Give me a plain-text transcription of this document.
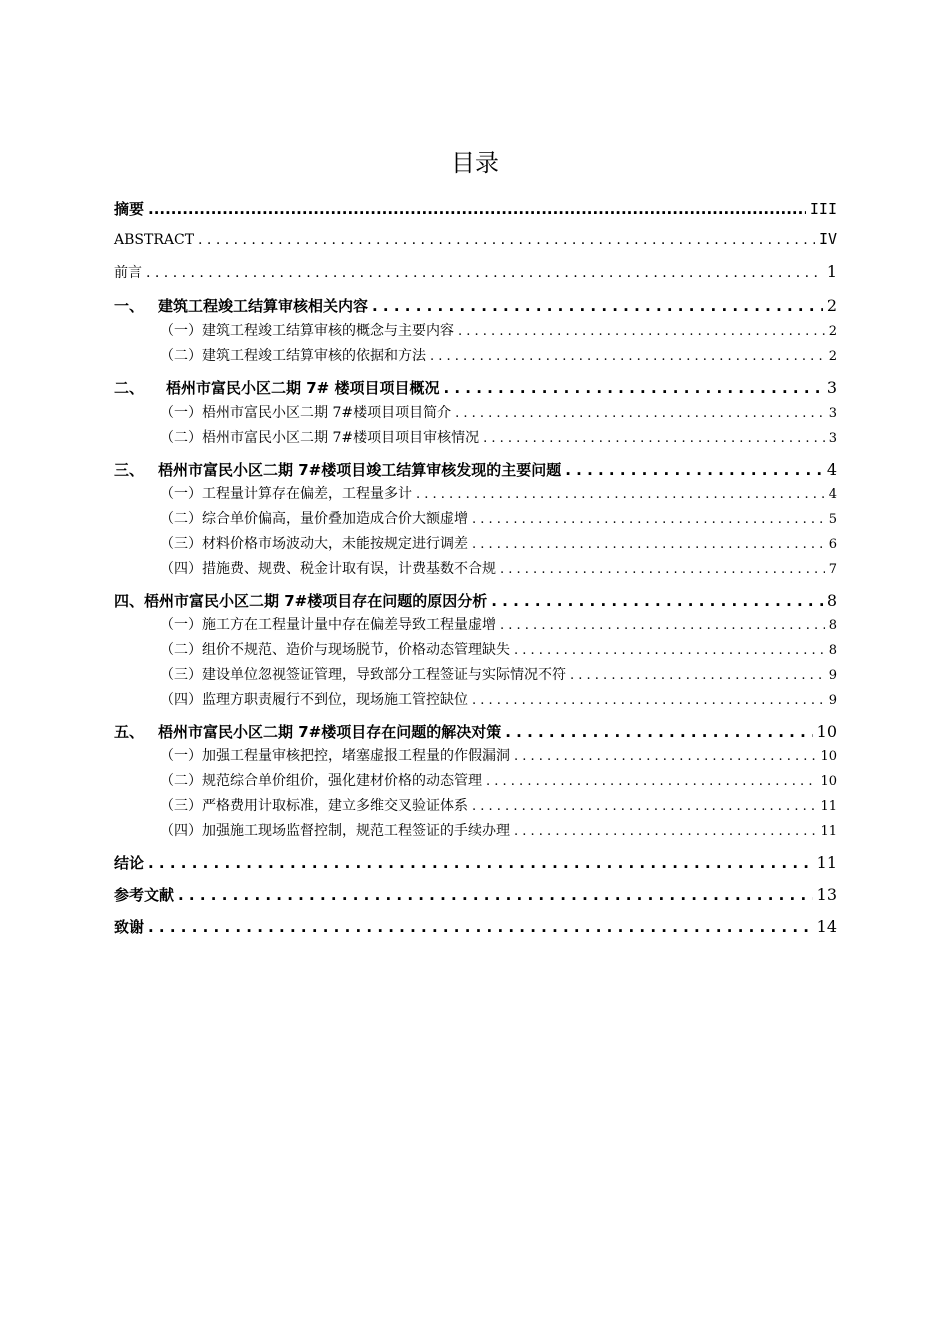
目录
摘要 .....	III
ABSTRACT . . .	IV
前言 . . .	1
一、 建筑工程竣工结算审核相关内容 . . .	2
（一）建筑工程竣工结算审核的概念与主要内容 . . .	2
（二）建筑工程竣工结算审核的依据和方法 . . .	2
二、	梧州市富民小区二期 7# 楼项目项目概况 . . .	3
（一）梧州市富民小区二期 7#楼项目项目简介 . . .	3
（二）梧州市富民小区二期 7#楼项目项目审核情况 . . .	3
三、 梧州市富民小区二期 7#楼项目竣工结算审核发现的主要问题 . . .	4
（一）工程量计算存在偏差，工程量多计 . . .	4
（二）综合单价偏高，量价叠加造成合价大额虚增 . . .	5
（三）材料价格市场波动大，未能按规定进行调差 . . .	6
（四）措施费、规费、税金计取有误，计费基数不合规 . . .	7
四、梧州市富民小区二期 7#楼项目存在问题的原因分析 . . .	8
（一）施工方在工程量计量中存在偏差导致工程量虚增 . . .	8
（二）组价不规范、造价与现场脱节，价格动态管理缺失 . . .	8
（三）建设单位忽视签证管理，导致部分工程签证与实际情况不符 . . .	9
（四）监理方职责履行不到位，现场施工管控缺位 . . .	9
五、 梧州市富民小区二期 7#楼项目存在问题的解决对策 . . .	10
（一）加强工程量审核把控，堵塞虚报工程量的作假漏洞 . . .	10
（二）规范综合单价组价，强化建材价格的动态管理 . . .	10
（三）严格费用计取标准，建立多维交叉验证体系 . . .	11
（四）加强施工现场监督控制，规范工程签证的手续办理 . . .	11
结论 . . .	11
参考文献 . . .	13
致谢 . . .	14
